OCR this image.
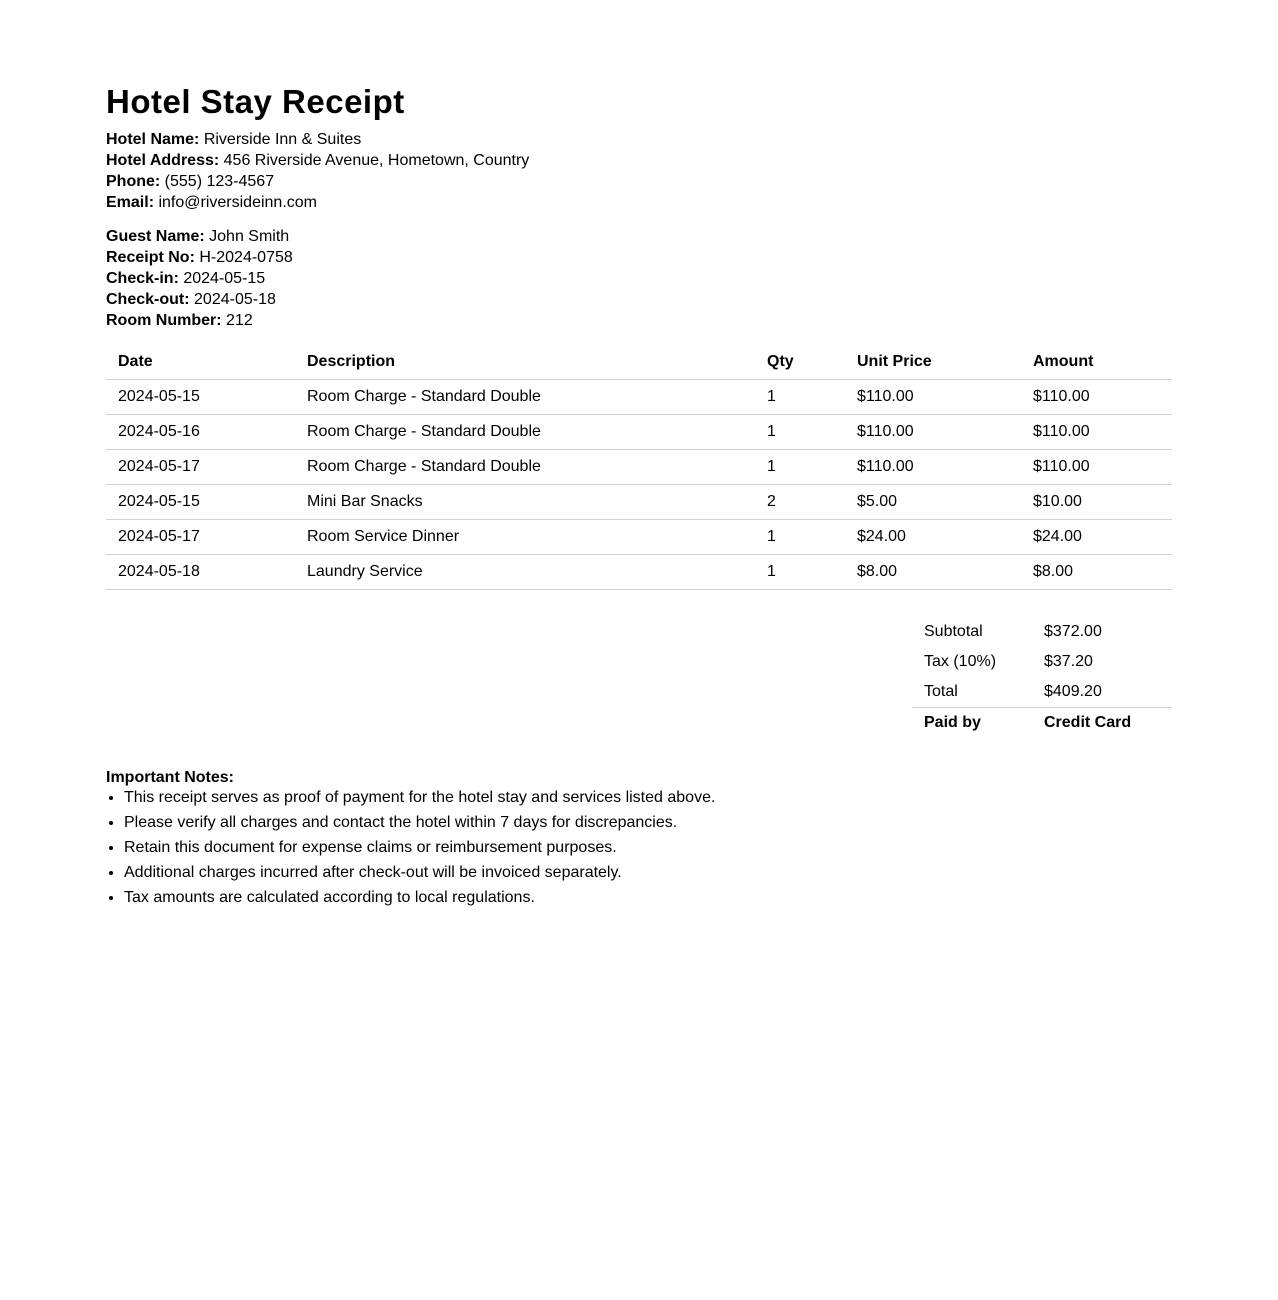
Hotel Stay Receipt
Hotel Name: Riverside Inn & Suites
Hotel Address: 456 Riverside Avenue, Hometown, Country
Phone: (555) 123-4567
Email: info@riversideinn.com
Guest Name: John Smith
Receipt No: H-2024-0758
Check-in: 2024-05-15
Check-out: 2024-05-18
Room Number: 212
Date	Description	Qty	Unit Price	Amount
2024-05-15	Room Charge - Standard Double	1	$110.00	$110.00
2024-05-16	Room Charge - Standard Double	1	$110.00	$110.00
2024-05-17	Room Charge - Standard Double	1	$110.00	$110.00
2024-05-15	Mini Bar Snacks	2	$5.00	$10.00
2024-05-17	Room Service Dinner	1	$24.00	$24.00
2024-05-18	Laundry Service	1	$8.00	$8.00
Subtotal	$372.00
Tax (10%)	$37.20
Total	$409.20
Paid by	Credit Card
Important Notes:
• This receipt serves as proof of payment for the hotel stay and services listed above.
• Please verify all charges and contact the hotel within 7 days for discrepancies.
• Retain this document for expense claims or reimbursement purposes.
• Additional charges incurred after check-out will be invoiced separately.
• Tax amounts are calculated according to local regulations.
